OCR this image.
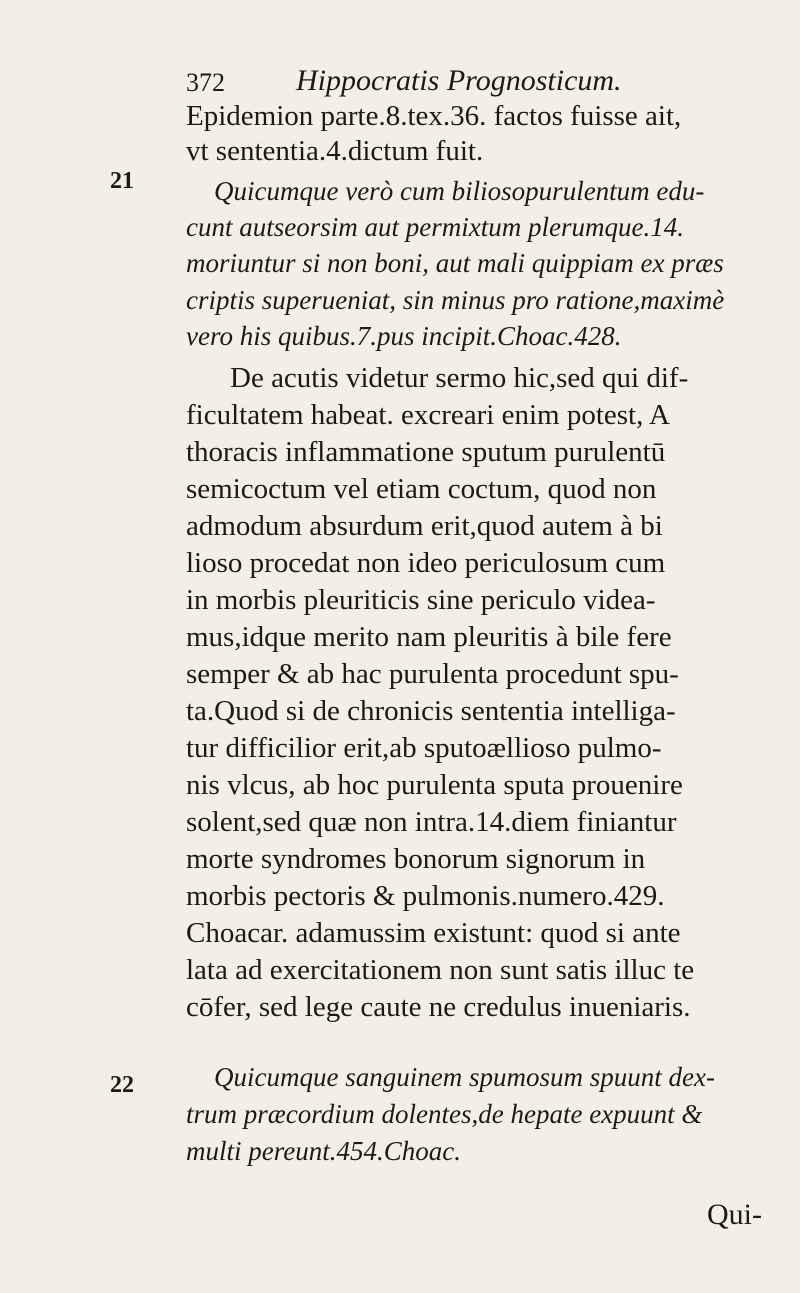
372 Hippocratis Prognosticum.
21
22
Epidemion parte.8.tex.36. factos fuisse ait,
vt sententia.4.dictum fuit.
Quicumque verò cum biliosopurulentum edu-
cunt autseorsim aut permixtum plerumque.14.
moriuntur si non boni, aut mali quippiam ex præs
criptis superueniat, sin minus pro ratione,maximè
vero his quibus.7.pus incipit.Choac.428.
De acutis videtur sermo hic,sed qui dif-
ficultatem habeat. excreari enim potest, A
thoracis inflammatione sputum purulentū
semicoctum vel etiam coctum, quod non
admodum absurdum erit,quod autem à bi
lioso procedat non ideo periculosum cum
in morbis pleuriticis sine periculo videa-
mus,idque merito nam pleuritis à bile fere
semper & ab hac purulenta procedunt spu-
ta.Quod si de chronicis sententia intelliga-
tur difficilior erit,ab sputoællioso pulmo-
nis vlcus, ab hoc purulenta sputa prouenire
solent,sed quæ non intra.14.diem finiantur
morte syndromes bonorum signorum in
morbis pectoris & pulmonis.numero.429.
Choacar. adamussim existunt: quod si ante
lata ad exercitationem non sunt satis illuc te
cōfer, sed lege caute ne credulus inueniaris.
Quicumque sanguinem spumosum spuunt dex-
trum præcordium dolentes,de hepate expuunt &
multi pereunt.454.Choac.
Qui-
